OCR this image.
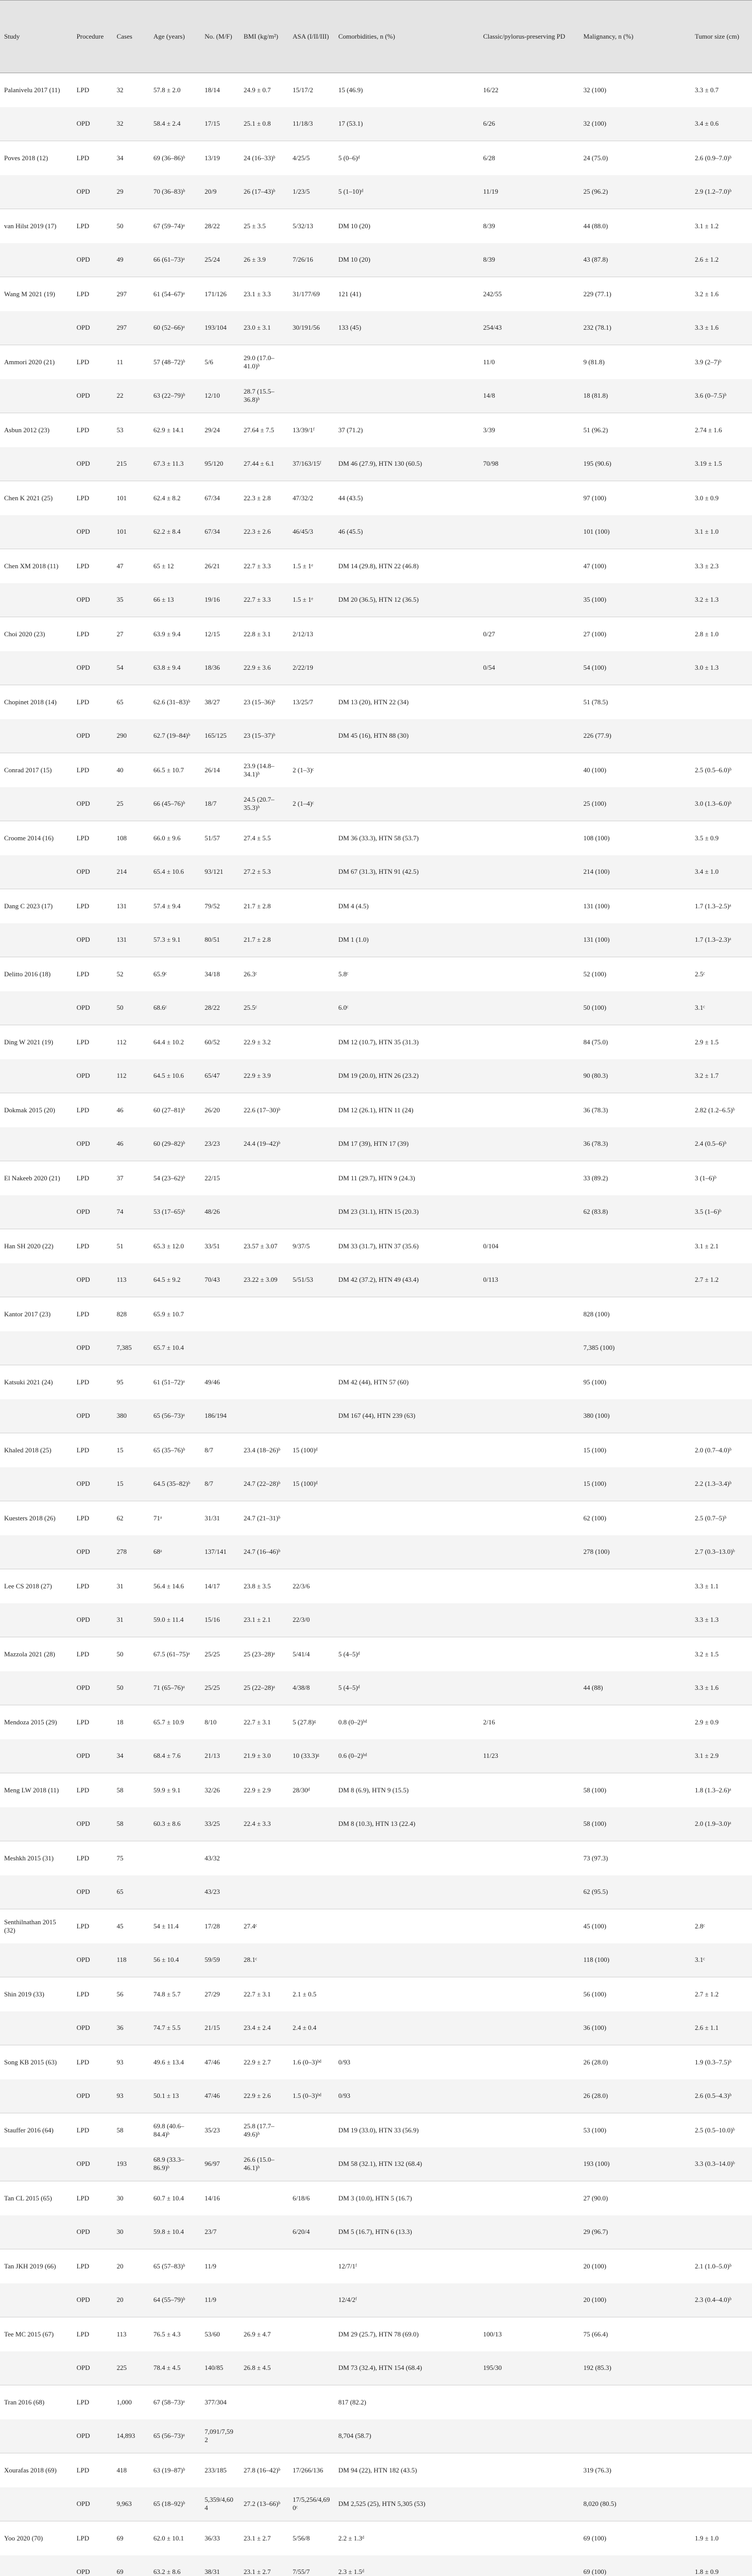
Study	Procedure	Cases	Age (years)	No. (M/F)	BMI (kg/m²)	ASA (I/II/III)	Comorbidities, n (%)	Classic/pylorus-preserving PD	Malignancy, n (%)	Tumor size (cm)
Palanivelu 2017 (11)	LPD	32	57.8 ± 2.0	18/14	24.9 ± 0.7	15/17/2	15 (46.9)	16/22	32 (100)	3.3 ± 0.7
	OPD	32	58.4 ± 2.4	17/15	25.1 ± 0.8	11/18/3	17 (53.1)	6/26	32 (100)	3.4 ± 0.6
Poves 2018 (12)	LPD	34	69 (36–86)ᵇ	13/19	24 (16–33)ᵇ	4/25/5	5 (0–6)ᵈ	6/28	24 (75.0)	2.6 (0.9–7.0)ᵇ
	OPD	29	70 (36–83)ᵇ	20/9	26 (17–43)ᵇ	1/23/5	5 (1–10)ᵈ	11/19	25 (96.2)	2.9 (1.2–7.0)ᵇ
van Hilst 2019 (17)	LPD	50	67 (59–74)ᵃ	28/22	25 ± 3.5	5/32/13	DM 10 (20)	8/39	44 (88.0)	3.1 ± 1.2
	OPD	49	66 (61–73)ᵃ	25/24	26 ± 3.9	7/26/16	DM 10 (20)	8/39	43 (87.8)	2.6 ± 1.2
Wang M 2021 (19)	LPD	297	61 (54–67)ᵃ	171/126	23.1 ± 3.3	31/177/69	121 (41)	242/55	229 (77.1)	3.2 ± 1.6
	OPD	297	60 (52–66)ᵃ	193/104	23.0 ± 3.1	30/191/56	133 (45)	254/43	232 (78.1)	3.3 ± 1.6
Ammori 2020 (21)	LPD	11	57 (48–72)ᵇ	5/6	29.0 (17.0–41.0)ᵇ			11/0	9 (81.8)	3.9 (2–7)ᵇ
	OPD	22	63 (22–79)ᵇ	12/10	28.7 (15.5–36.8)ᵇ			14/8	18 (81.8)	3.6 (0–7.5)ᵇ
Asbun 2012 (23)	LPD	53	62.9 ± 14.1	29/24	27.64 ± 7.5	13/39/1ᶠ	37 (71.2)	3/39	51 (96.2)	2.74 ± 1.6
	OPD	215	67.3 ± 11.3	95/120	27.44 ± 6.1	37/163/15ᶠ	DM 46 (27.9), HTN 130 (60.5)	70/98	195 (90.6)	3.19 ± 1.5
Chen K 2021 (25)	LPD	101	62.4 ± 8.2	67/34	22.3 ± 2.8	47/32/2	44 (43.5)		97 (100)	3.0 ± 0.9
	OPD	101	62.2 ± 8.4	67/34	22.3 ± 2.6	46/45/3	46 (45.5)		101 (100)	3.1 ± 1.0
Chen XM 2018 (11)	LPD	47	65 ± 12	26/21	22.7 ± 3.3	1.5 ± 1ᵉ	DM 14 (29.8), HTN 22 (46.8)		47 (100)	3.3 ± 2.3
	OPD	35	66 ± 13	19/16	22.7 ± 3.3	1.5 ± 1ᵉ	DM 20 (36.5), HTN 12 (36.5)		35 (100)	3.2 ± 1.3
Choi 2020 (23)	LPD	27	63.9 ± 9.4	12/15	22.8 ± 3.1	2/12/13		0/27	27 (100)	2.8 ± 1.0
	OPD	54	63.8 ± 9.4	18/36	22.9 ± 3.6	2/22/19		0/54	54 (100)	3.0 ± 1.3
Chopinet 2018 (14)	LPD	65	62.6 (31–83)ᵇ	38/27	23 (15–36)ᵇ	13/25/7	DM 13 (20), HTN 22 (34)		51 (78.5)	
	OPD	290	62.7 (19–84)ᵇ	165/125	23 (15–37)ᵇ		DM 45 (16), HTN 88 (30)		226 (77.9)	
Conrad 2017 (15)	LPD	40	66.5 ± 10.7	26/14	23.9 (14.8–34.1)ᵇ	2 (1–3)ᶜ			40 (100)	2.5 (0.5–6.0)ᵇ
	OPD	25	66 (45–76)ᵇ	18/7	24.5 (20.7–35.3)ᵇ	2 (1–4)ᶜ			25 (100)	3.0 (1.3–6.0)ᵇ
Croome 2014 (16)	LPD	108	66.0 ± 9.6	51/57	27.4 ± 5.5		DM 36 (33.3), HTN 58 (53.7)		108 (100)	3.5 ± 0.9
	OPD	214	65.4 ± 10.6	93/121	27.2 ± 5.3		DM 67 (31.3), HTN 91 (42.5)		214 (100)	3.4 ± 1.0
Dang C 2023 (17)	LPD	131	57.4 ± 9.4	79/52	21.7 ± 2.8		DM 4 (4.5)		131 (100)	1.7 (1.3–2.5)ᵃ
	OPD	131	57.3 ± 9.1	80/51	21.7 ± 2.8		DM 1 (1.0)		131 (100)	1.7 (1.3–2.3)ᵃ
Delitto 2016 (18)	LPD	52	65.9ᶜ	34/18	26.3ᶜ		5.8ᶜ		52 (100)	2.5ᶜ
	OPD	50	68.6ᶜ	28/22	25.5ᶜ		6.0ᶜ		50 (100)	3.1ᶜ
Ding W 2021 (19)	LPD	112	64.4 ± 10.2	60/52	22.9 ± 3.2		DM 12 (10.7), HTN 35 (31.3)		84 (75.0)	2.9 ± 1.5
	OPD	112	64.5 ± 10.6	65/47	22.9 ± 3.9		DM 19 (20.0), HTN 26 (23.2)		90 (80.3)	3.2 ± 1.7
Dokmak 2015 (20)	LPD	46	60 (27–81)ᵇ	26/20	22.6 (17–30)ᵇ		DM 12 (26.1), HTN 11 (24)		36 (78.3)	2.82 (1.2–6.5)ᵇ
	OPD	46	60 (29–82)ᵇ	23/23	24.4 (19–42)ᵇ		DM 17 (39), HTN 17 (39)		36 (78.3)	2.4 (0.5–6)ᵇ
El Nakeeb 2020 (21)	LPD	37	54 (23–62)ᵇ	22/15			DM 11 (29.7), HTN 9 (24.3)		33 (89.2)	3 (1–6)ᵇ
	OPD	74	53 (17–65)ᵇ	48/26			DM 23 (31.1), HTN 15 (20.3)		62 (83.8)	3.5 (1–6)ᵇ
Han SH 2020 (22)	LPD	51	65.3 ± 12.0	33/51	23.57 ± 3.07	9/37/5	DM 33 (31.7), HTN 37 (35.6)	0/104		3.1 ± 2.1
	OPD	113	64.5 ± 9.2	70/43	23.22 ± 3.09	5/51/53	DM 42 (37.2), HTN 49 (43.4)	0/113		2.7 ± 1.2
Kantor 2017 (23)	LPD	828	65.9 ± 10.7						828 (100)	
	OPD	7,385	65.7 ± 10.4						7,385 (100)	
Katsuki 2021 (24)	LPD	95	61 (51–72)ᵃ	49/46			DM 42 (44), HTN 57 (60)		95 (100)	
	OPD	380	65 (56–73)ᵃ	186/194			DM 167 (44), HTN 239 (63)		380 (100)	
Khaled 2018 (25)	LPD	15	65 (35–76)ᵇ	8/7	23.4 (18–26)ᵇ	15 (100)ᵈ			15 (100)	2.0 (0.7–4.0)ᵇ
	OPD	15	64.5 (35–82)ᵇ	8/7	24.7 (22–28)ᵇ	15 (100)ᵈ			15 (100)	2.2 (1.3–3.4)ᵇ
Kuesters 2018 (26)	LPD	62	71ᵃ	31/31	24.7 (21–31)ᵇ				62 (100)	2.5 (0.7–5)ᵇ
	OPD	278	68ᵃ	137/141	24.7 (16–46)ᵇ				278 (100)	2.7 (0.3–13.0)ᵇ
Lee CS 2018 (27)	LPD	31	56.4 ± 14.6	14/17	23.8 ± 3.5	22/3/6				3.3 ± 1.1
	OPD	31	59.0 ± 11.4	15/16	23.1 ± 2.1	22/3/0				3.3 ± 1.3
Mazzola 2021 (28)	LPD	50	67.5 (61–75)ᵃ	25/25	25 (23–28)ᵃ	5/41/4	5 (4–5)ᵈ			3.2 ± 1.5
	OPD	50	71 (65–76)ᵃ	25/25	25 (22–28)ᵃ	4/38/8	5 (4–5)ᵈ		44 (88)	3.3 ± 1.6
Mendoza 2015 (29)	LPD	18	65.7 ± 10.9	8/10	22.7 ± 3.1	5 (27.8)ᵍ	0.8 (0–2)ᵇᵈ	2/16		2.9 ± 0.9
	OPD	34	68.4 ± 7.6	21/13	21.9 ± 3.0	10 (33.3)ᵍ	0.6 (0–2)ᵇᵈ	11/23		3.1 ± 2.9
Meng LW 2018 (11)	LPD	58	59.9 ± 9.1	32/26	22.9 ± 2.9	28/30ᵈ	DM 8 (6.9), HTN 9 (15.5)		58 (100)	1.8 (1.3–2.6)ᵃ
	OPD	58	60.3 ± 8.6	33/25	22.4 ± 3.3		DM 8 (10.3), HTN 13 (22.4)		58 (100)	2.0 (1.9–3.0)ᵃ
Meshkh 2015 (31)	LPD	75		43/32					73 (97.3)	
	OPD	65		43/23					62 (95.5)	
Senthilnathan 2015 (32)	LPD	45	54 ± 11.4	17/28	27.4ᶜ				45 (100)	2.8ᶜ
	OPD	118	56 ± 10.4	59/59	28.1ᶜ				118 (100)	3.1ᶜ
Shin 2019 (33)	LPD	56	74.8 ± 5.7	27/29	22.7 ± 3.1	2.1 ± 0.5			56 (100)	2.7 ± 1.2
	OPD	36	74.7 ± 5.5	21/15	23.4 ± 2.4	2.4 ± 0.4			36 (100)	2.6 ± 1.1
Song KB 2015 (63)	LPD	93	49.6 ± 13.4	47/46	22.9 ± 2.7	1.6 (0–3)ᵇᵈ	0/93		26 (28.0)	1.9 (0.3–7.5)ᵇ
	OPD	93	50.1 ± 13	47/46	22.9 ± 2.6	1.5 (0–3)ᵇᵈ	0/93		26 (28.0)	2.6 (0.5–4.3)ᵇ
Stauffer 2016 (64)	LPD	58	69.8 (40.6–84.4)ᵇ	35/23	25.8 (17.7–49.6)ᵇ		DM 19 (33.0), HTN 33 (56.9)		53 (100)	2.5 (0.5–10.0)ᵇ
	OPD	193	68.9 (33.3–86.9)ᵇ	96/97	26.6 (15.0–46.1)ᵇ		DM 58 (32.1), HTN 132 (68.4)		193 (100)	3.3 (0.3–14.0)ᵇ
Tan CL 2015 (65)	LPD	30	60.7 ± 10.4	14/16		6/18/6	DM 3 (10.0), HTN 5 (16.7)		27 (90.0)	
	OPD	30	59.8 ± 10.4	23/7		6/20/4	DM 5 (16.7), HTN 6 (13.3)		29 (96.7)	
Tan JKH 2019 (66)	LPD	20	65 (57–83)ᵇ	11/9			12/7/1ᶠ		20 (100)	2.1 (1.0–5.0)ᵇ
	OPD	20	64 (55–79)ᵇ	11/9			12/4/2ᶠ		20 (100)	2.3 (0.4–4.0)ᵇ
Tee MC 2015 (67)	LPD	113	76.5 ± 4.3	53/60	26.9 ± 4.7		DM 29 (25.7), HTN 78 (69.0)	100/13	75 (66.4)	
	OPD	225	78.4 ± 4.5	140/85	26.8 ± 4.5		DM 73 (32.4), HTN 154 (68.4)	195/30	192 (85.3)	
Tran 2016 (68)	LPD	1,000	67 (58–73)ᵃ	377/304			817 (82.2)			
	OPD	14,893	65 (56–73)ᵃ	7,091/7,592			8,704 (58.7)			
Xourafas 2018 (69)	LPD	418	63 (19–87)ᵇ	233/185	27.8 (16–42)ᵇ	17/266/136	DM 94 (22), HTN 182 (43.5)		319 (76.3)	
	OPD	9,963	65 (18–92)ᵇ	5,359/4,604	27.2 (13–66)ᵇ	17/5,256/4,690ᶜ	DM 2,525 (25), HTN 5,305 (53)		8,020 (80.5)	
Yoo 2020 (70)	LPD	69	62.0 ± 10.1	36/33	23.1 ± 2.7	5/56/8	2.2 ± 1.3ᵈ		69 (100)	1.9 ± 1.0
	OPD	69	63.2 ± 8.6	38/31	23.1 ± 2.7	7/55/7	2.3 ± 1.5ᵈ		69 (100)	1.8 ± 0.9
